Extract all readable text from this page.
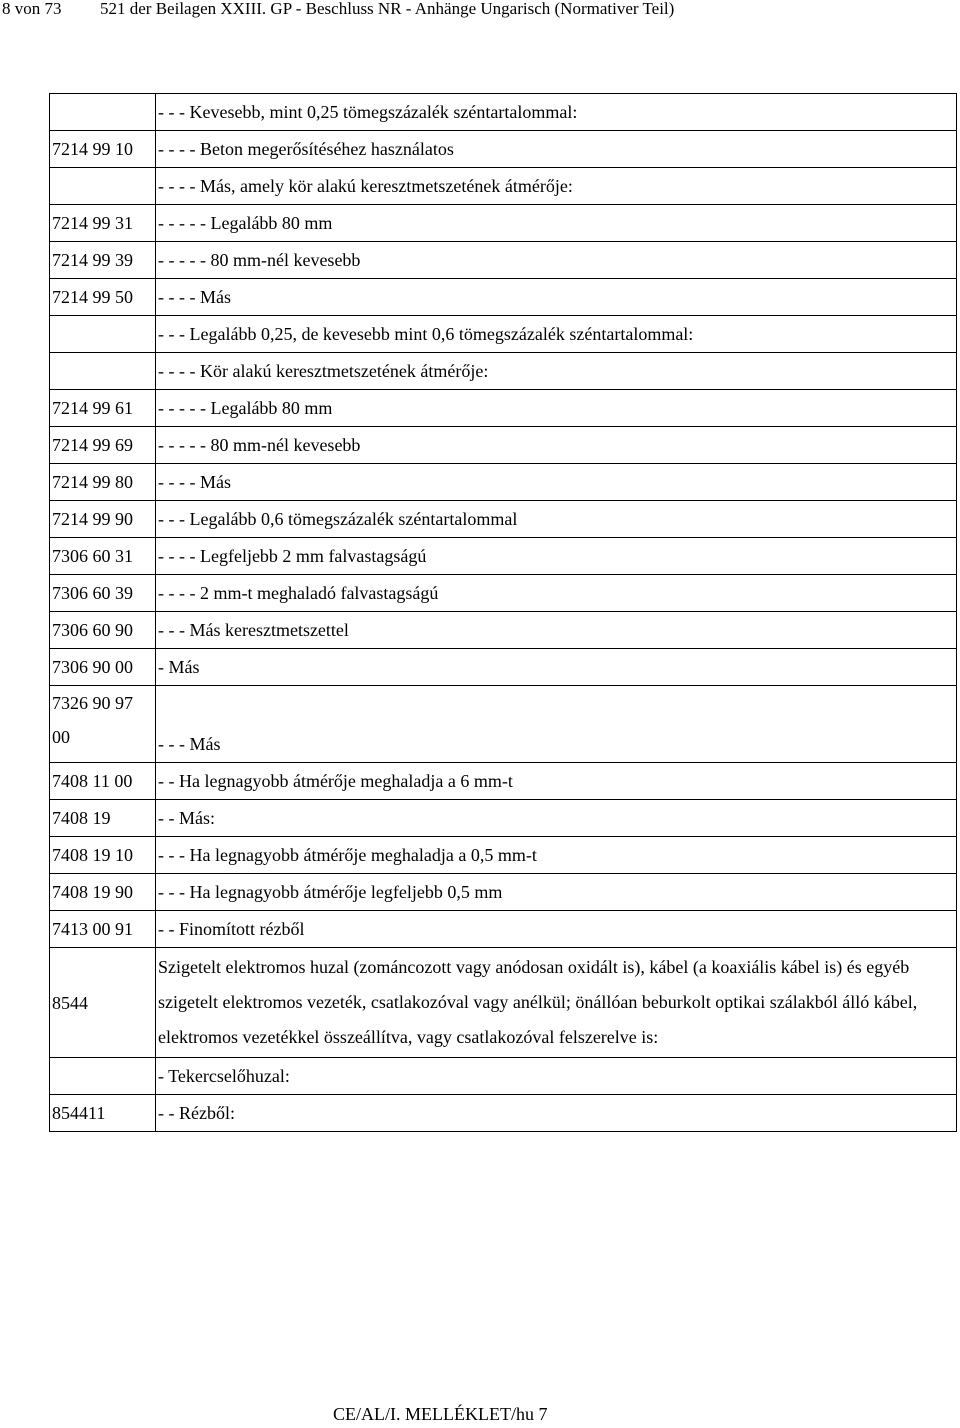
8 von 73 521 der Beilagen XXIII. GP - Beschluss NR - Anhänge Ungarisch (Normativer Teil)
	- - - Kevesebb, mint 0,25 tömegszázalék széntartalommal:
7214 99 10	- - - - Beton megerősítéséhez használatos
	- - - - Más, amely kör alakú keresztmetszetének átmérője:
7214 99 31	- - - - - Legalább 80 mm
7214 99 39	- - - - - 80 mm-nél kevesebb
7214 99 50	- - - - Más
	- - - Legalább 0,25, de kevesebb mint 0,6 tömegszázalék széntartalommal:
	- - - - Kör alakú keresztmetszetének átmérője:
7214 99 61	- - - - - Legalább 80 mm
7214 99 69	- - - - - 80 mm-nél kevesebb
7214 99 80	- - - - Más
7214 99 90	- - - Legalább 0,6 tömegszázalék széntartalommal
7306 60 31	- - - - Legfeljebb 2 mm falvastagságú
7306 60 39	- - - - 2 mm-t meghaladó falvastagságú
7306 60 90	- - - Más keresztmetszettel
7306 90 00	- Más
7326 90 97 00	- - - Más
7408 11 00	- - Ha legnagyobb átmérője meghaladja a 6 mm-t
7408 19	- - Más:
7408 19 10	- - - Ha legnagyobb átmérője meghaladja a 0,5 mm-t
7408 19 90	- - - Ha legnagyobb átmérője legfeljebb 0,5 mm
7413 00 91	- - Finomított rézből
8544	Szigetelt elektromos huzal (zománcozott vagy anódosan oxidált is), kábel (a koaxiális kábel is) és egyéb szigetelt elektromos vezeték, csatlakozóval vagy anélkül; önállóan beburkolt optikai szálakból álló kábel, elektromos vezetékkel összeállítva, vagy csatlakozóval felszerelve is:
	- Tekercselőhuzal:
854411	- - Rézből:
CE/AL/I. MELLÉKLET/hu 7
